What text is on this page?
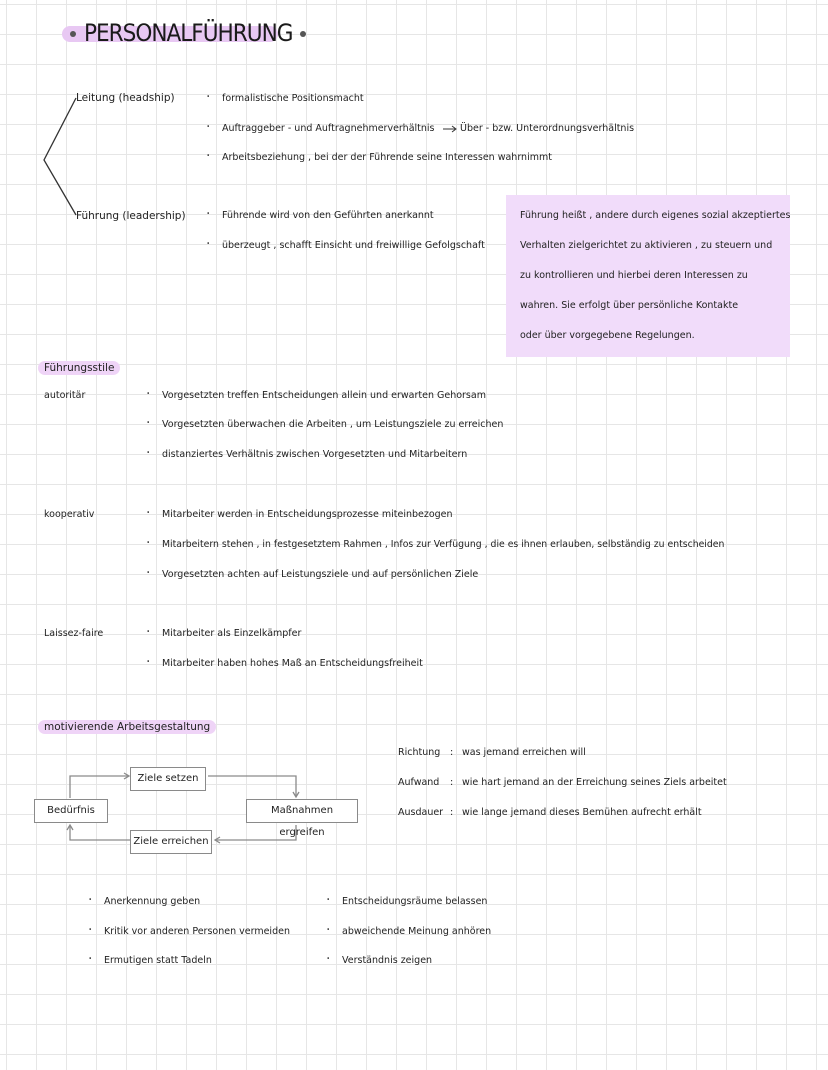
PERSONALFÜHRUNG
Leitung (headship)	· formalistische Positionsmacht
· Auftraggeber - und Auftragnehmerverhältnis	Über - bzw. Unterordnungsverhältnis
· Arbeitsbeziehung , bei der der Führende seine Interessen wahrnimmt
Führung (leadership)	· Führende wird von den Geführten anerkannt
· überzeugt , schafft Einsicht und freiwillige Gefolgschaft
Führung heißt , andere durch eigenes sozial akzeptiertes
Verhalten zielgerichtet zu aktivieren , zu steuern und
zu kontrollieren und hierbei deren Interessen zu
wahren. Sie erfolgt über persönliche Kontakte
oder über vorgegebene Regelungen.
Führungsstile
autoritär	· Vorgesetzten treffen Entscheidungen allein und erwarten Gehorsam
· Vorgesetzten überwachen die Arbeiten , um Leistungsziele zu erreichen
· distanziertes Verhältnis zwischen Vorgesetzten und Mitarbeitern
kooperativ	· Mitarbeiter werden in Entscheidungsprozesse miteinbezogen
· Mitarbeitern stehen , in festgesetztem Rahmen , Infos zur Verfügung , die es ihnen erlauben, selbständig zu entscheiden
· Vorgesetzten achten auf Leistungsziele und auf persönlichen Ziele
Laissez-faire	· Mitarbeiter als Einzelkämpfer
· Mitarbeiter haben hohes Maß an Entscheidungsfreiheit
motivierende Arbeitsgestaltung
Bedürfnis
Ziele setzen
Maßnahmen ergreifen
Ziele erreichen
Richtung : was jemand erreichen will
Aufwand : wie hart jemand an der Erreichung seines Ziels arbeitet
Ausdauer : wie lange jemand dieses Bemühen aufrecht erhält
· Anerkennung geben
· Kritik vor anderen Personen vermeiden
· Ermutigen statt Tadeln
· Entscheidungsräume belassen
· abweichende Meinung anhören
· Verständnis zeigen
